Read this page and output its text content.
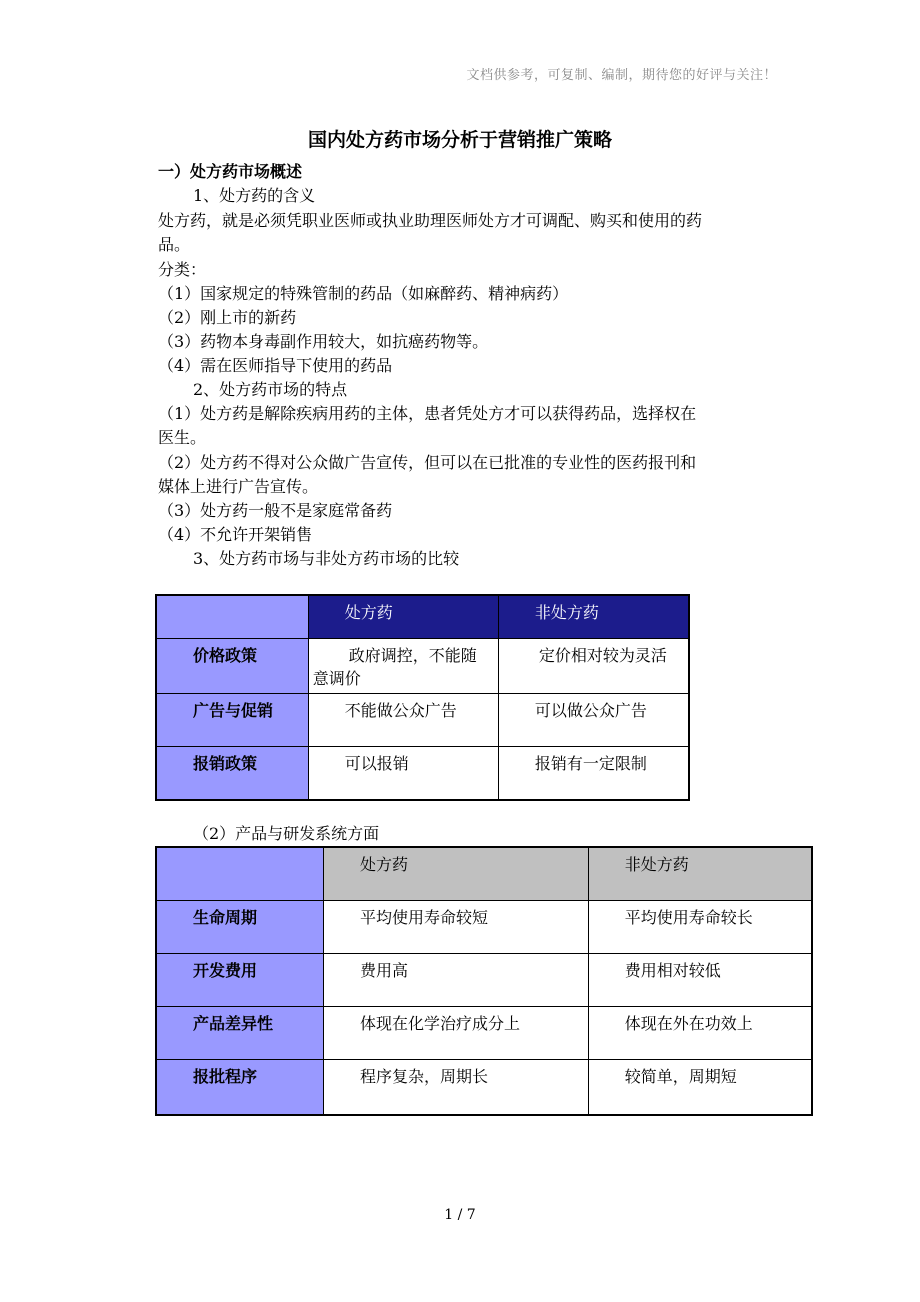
文档供参考，可复制、编制，期待您的好评与关注！
国内处方药市场分析于营销推广策略
一）处方药市场概述
1、处方药的含义
处方药，就是必须凭职业医师或执业助理医师处方才可调配、购买和使用的药
品。
分类：
（1）国家规定的特殊管制的药品（如麻醉药、精神病药）
（2）刚上市的新药
（3）药物本身毒副作用较大，如抗癌药物等。
（4）需在医师指导下使用的药品
2、处方药市场的特点
（1）处方药是解除疾病用药的主体，患者凭处方才可以获得药品，选择权在
医生。
（2）处方药不得对公众做广告宣传，但可以在已批准的专业性的医药报刊和
媒体上进行广告宣传。
（3）处方药一般不是家庭常备药
（4）不允许开架销售
3、处方药市场与非处方药市场的比较
	处方药	非处方药
价格政策	政府调控，不能随意调价	定价相对较为灵活
广告与促销	不能做公众广告	可以做公众广告
报销政策	可以报销	报销有一定限制
（2）产品与研发系统方面
	处方药	非处方药
生命周期	平均使用寿命较短	平均使用寿命较长
开发费用	费用高	费用相对较低
产品差异性	体现在化学治疗成分上	体现在外在功效上
报批程序	程序复杂，周期长	较简单，周期短
1 / 7
